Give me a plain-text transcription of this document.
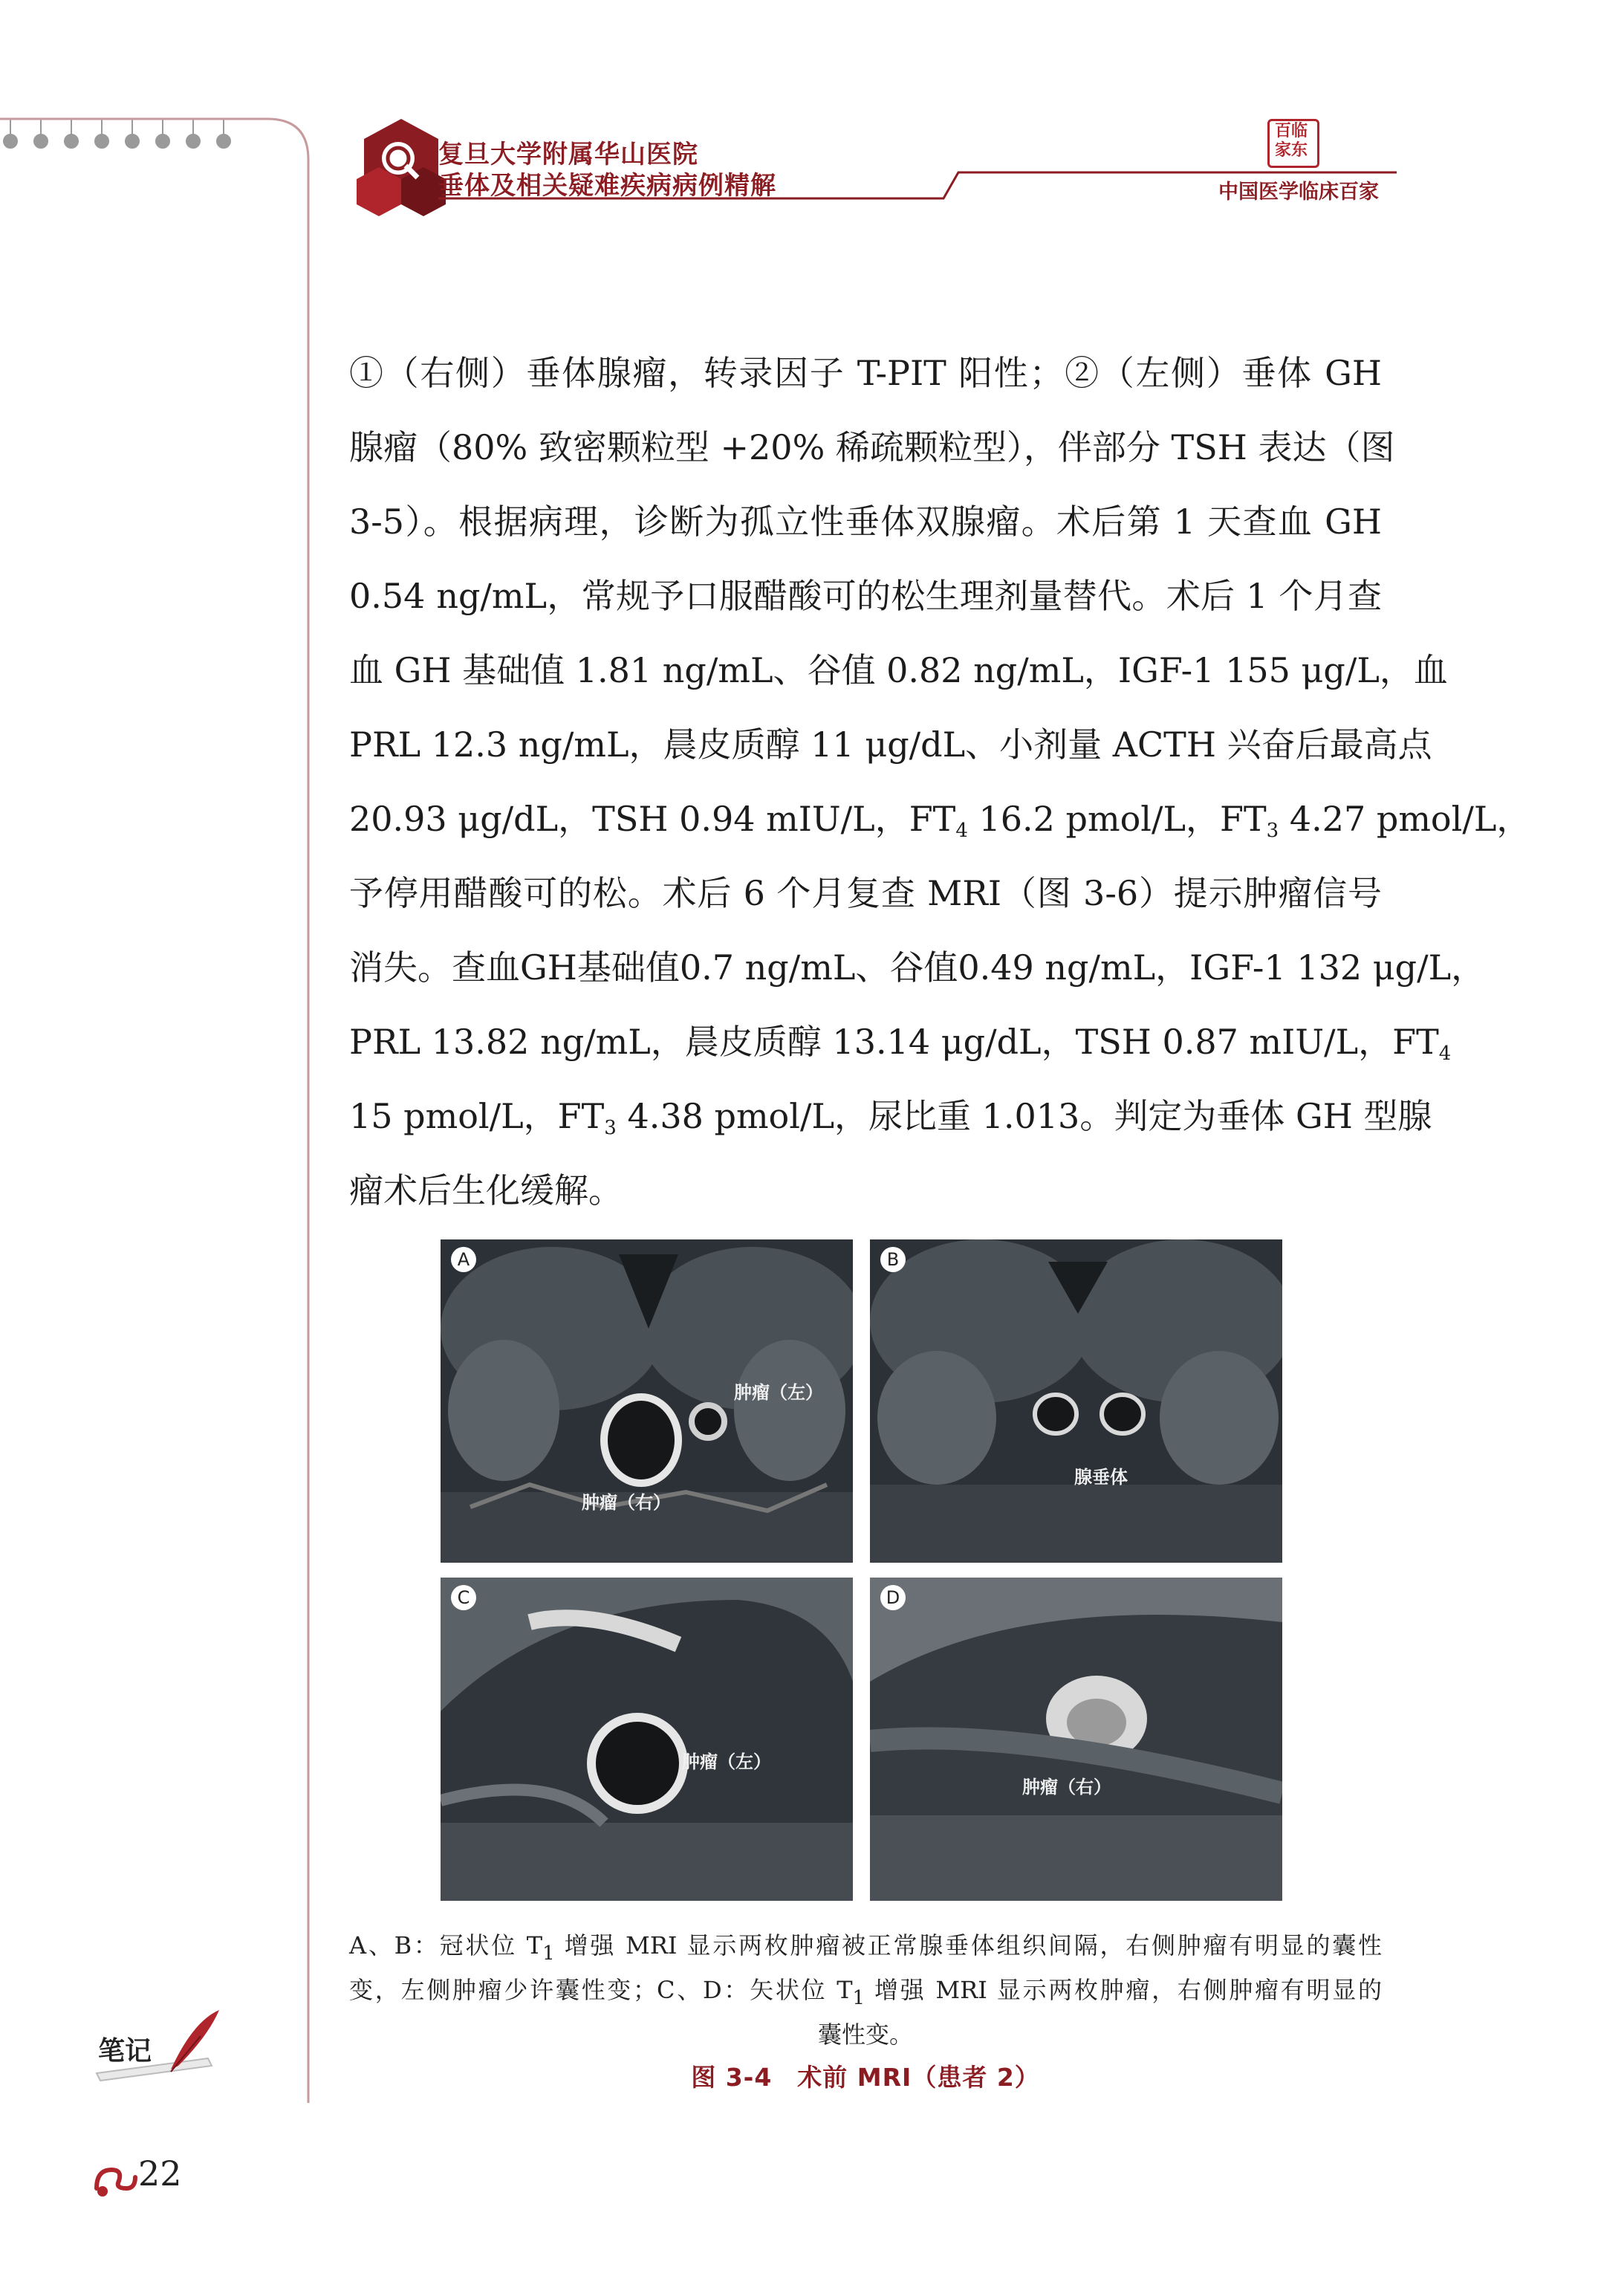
复旦大学附属华山医院
垂体及相关疑难疾病病例精解
百临家东
中国医学临床百家
①（右侧）垂体腺瘤，转录因子 T-PIT 阳性；②（左侧）垂体 GH
腺瘤（80% 致密颗粒型 +20% 稀疏颗粒型），伴部分 TSH 表达（图
3-5）。根据病理，诊断为孤立性垂体双腺瘤。术后第 1 天查血 GH
0.54 ng/mL，常规予口服醋酸可的松生理剂量替代。术后 1 个月查
血 GH 基础值 1.81 ng/mL、谷值 0.82 ng/mL，IGF-1 155 μg/L，血
PRL 12.3 ng/mL，晨皮质醇 11 μg/dL、小剂量 ACTH 兴奋后最高点
20.93 μg/dL，TSH 0.94 mIU/L，$FT_4$ 16.2 pmol/L，$FT_3$ 4.27 pmol/L，
予停用醋酸可的松。术后 6 个月复查 MRI（图 3-6）提示肿瘤信号
消失。查血GH基础值0.7 ng/mL、谷值0.49 ng/mL，IGF-1 132 μg/L，
PRL 13.82 ng/mL，晨皮质醇 13.14 μg/dL，TSH 0.87 mIU/L，$FT_4$
15 pmol/L，$FT_3$ 4.38 pmol/L，尿比重 1.013。判定为垂体 GH 型腺
瘤术后生化缓解。
A
肿瘤（左）
肿瘤（右）
B
腺垂体
C
肿瘤（左）
D
肿瘤（右）
A、B：冠状位 $T_1$ 增强 MRI 显示两枚肿瘤被正常腺垂体组织间隔，右侧肿瘤有明显的囊性
变，左侧肿瘤少许囊性变；C、D：矢状位 $T_1$ 增强 MRI 显示两枚肿瘤，右侧肿瘤有明显的
囊性变。
图 3-4　术前 MRI（患者 2）
笔记
22
